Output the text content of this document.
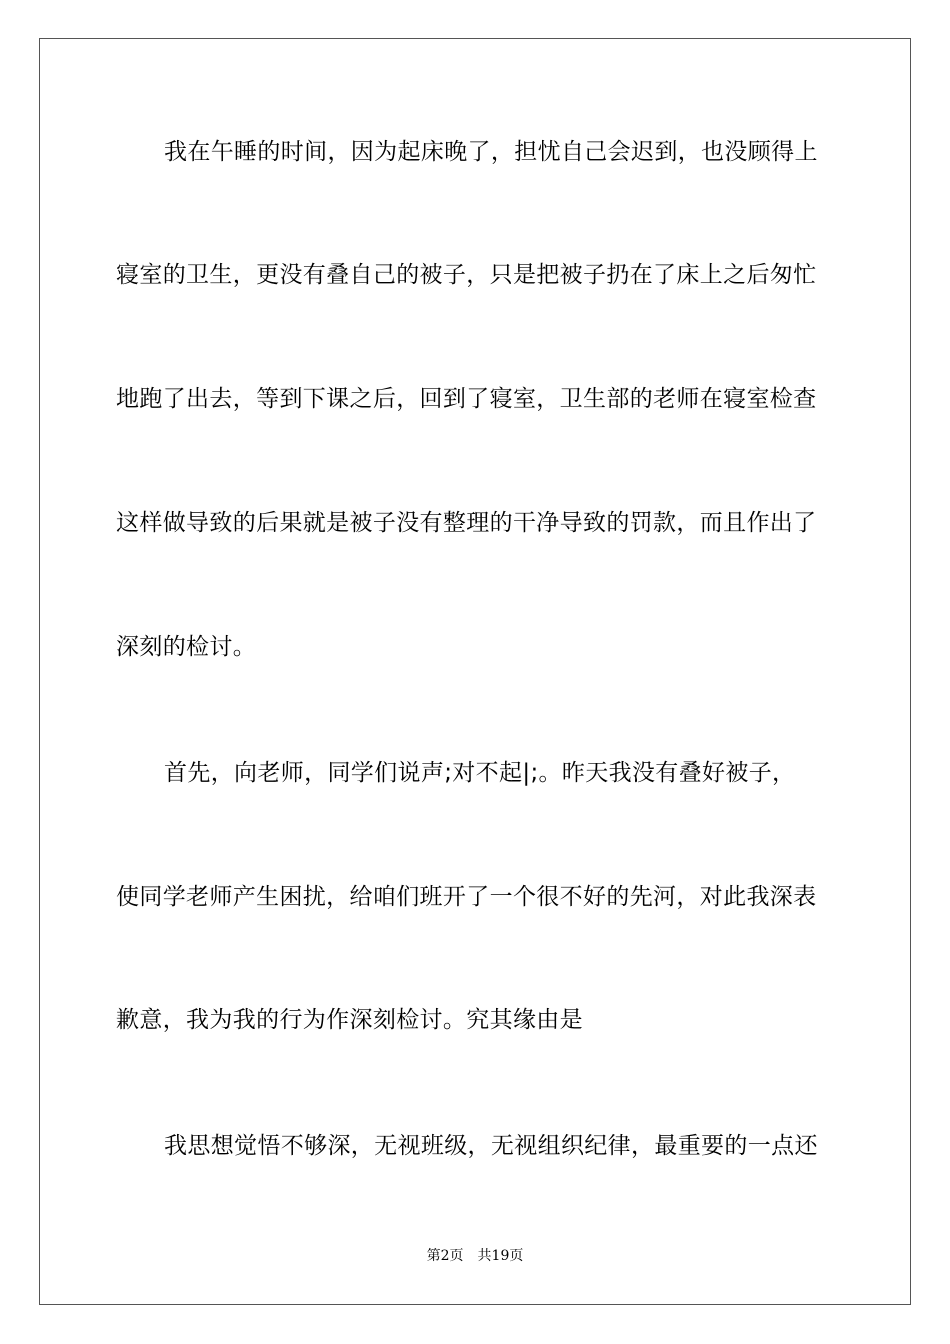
我在午睡的时间，因为起床晚了，担忧自己会迟到，也没顾得上
寝室的卫生，更没有叠自己的被子，只是把被子扔在了床上之后匆忙
地跑了出去，等到下课之后，回到了寝室，卫生部的老师在寝室检查
这样做导致的后果就是被子没有整理的干净导致的罚款，而且作出了
深刻的检讨。
首先，向老师，同学们说声;对不起|;。昨天我没有叠好被子，
使同学老师产生困扰，给咱们班开了一个很不好的先河，对此我深表
歉意，我为我的行为作深刻检讨。究其缘由是
我思想觉悟不够深，无视班级，无视组织纪律，最重要的一点还
第2页 共19页
